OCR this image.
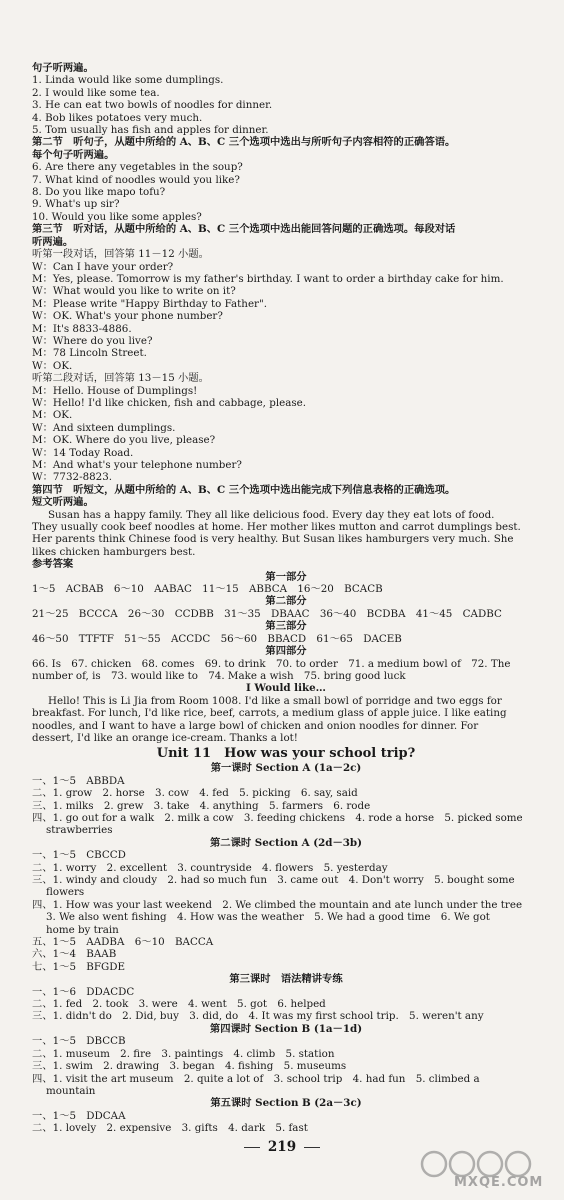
句子听两遍。
1. Linda would like some dumplings.
2. I would like some tea.
3. He can eat two bowls of noodles for dinner.
4. Bob likes potatoes very much.
5. Tom usually has fish and apples for dinner.
第二节　听句子，从题中所给的 A、B、C 三个选项中选出与所听句子内容相符的正确答语。
每个句子听两遍。
6. Are there any vegetables in the soup?
7. What kind of noodles would you like?
8. Do you like mapo tofu?
9. What's up sir?
10. Would you like some apples?
第三节　听对话，从题中所给的 A、B、C 三个选项中选出能回答问题的正确选项。每段对话
听两遍。
听第一段对话，回答第 11－12 小题。
W：Can I have your order?
M：Yes, please. Tomorrow is my father's birthday. I want to order a birthday cake for him.
W：What would you like to write on it?
M：Please write "Happy Birthday to Father".
W：OK. What's your phone number?
M：It's 8833-4886.
W：Where do you live?
M：78 Lincoln Street.
W：OK.
听第二段对话，回答第 13－15 小题。
M：Hello. House of Dumplings!
W：Hello! I'd like chicken, fish and cabbage, please.
M：OK.
W：And sixteen dumplings.
M：OK. Where do you live, please?
W：14 Today Road.
M：And what's your telephone number?
W：7732-8823.
第四节　听短文，从题中所给的 A、B、C 三个选项中选出能完成下列信息表格的正确选项。
短文听两遍。
Susan has a happy family. They all like delicious food. Every day they eat lots of food.
They usually cook beef noodles at home. Her mother likes mutton and carrot dumplings best.
Her parents think Chinese food is very healthy. But Susan likes hamburgers very much. She
likes chicken hamburgers best.
参考答案
第一部分
1～5　ACBAB　6～10　AABAC　11～15　ABBCA　16～20　BCACB
第二部分
21～25　BCCCA　26～30　CCDBB　31～35　DBAAC　36～40　BCDBA　41～45　CADBC
第三部分
46～50　TTFTF　51～55　ACCDC　56～60　BBACD　61～65　DACEB
第四部分
66. Is　67. chicken　68. comes　69. to drink　70. to order　71. a medium bowl of　72. The
number of, is　73. would like to　74. Make a wish　75. bring good luck
I Would like…
Hello! This is Li Jia from Room 1008. I'd like a small bowl of porridge and two eggs for
breakfast. For lunch, I'd like rice, beef, carrots, a medium glass of apple juice. I like eating
noodles, and I want to have a large bowl of chicken and onion noodles for dinner. For
dessert, I'd like an orange ice-cream. Thanks a lot!
Unit 11　How was your school trip?
第一课时 Section A (1a－2c)
一、1～5　ABBDA
二、1. grow　2. horse　3. cow　4. fed　5. picking　6. say, said
三、1. milks　2. grew　3. take　4. anything　5. farmers　6. rode
四、1. go out for a walk　2. milk a cow　3. feeding chickens　4. rode a horse　5. picked some
strawberries
第二课时 Section A (2d－3b)
一、1～5　CBCCD
二、1. worry　2. excellent　3. countryside　4. flowers　5. yesterday
三、1. windy and cloudy　2. had so much fun　3. came out　4. Don't worry　5. bought some
flowers
四、1. How was your last weekend　2. We climbed the mountain and ate lunch under the tree
3. We also went fishing　4. How was the weather　5. We had a good time　6. We got
home by train
五、1～5　AADBA　6～10　BACCA
六、1～4　BAAB
七、1～5　BFGDE
第三课时　语法精讲专练
一、1～6　DDACDC
二、1. fed　2. took　3. were　4. went　5. got　6. helped
三、1. didn't do　2. Did, buy　3. did, do　4. It was my first school trip.　5. weren't any
第四课时 Section B (1a－1d)
一、1～5　DBCCB
二、1. museum　2. fire　3. paintings　4. climb　5. station
三、1. swim　2. drawing　3. began　4. fishing　5. museums
四、1. visit the art museum　2. quite a lot of　3. school trip　4. had fun　5. climbed a
mountain
第五课时 Section B (2a－3c)
一、1～5　DDCAA
二、1. lovely　2. expensive　3. gifts　4. dark　5. fast
219
MXQE.COM
